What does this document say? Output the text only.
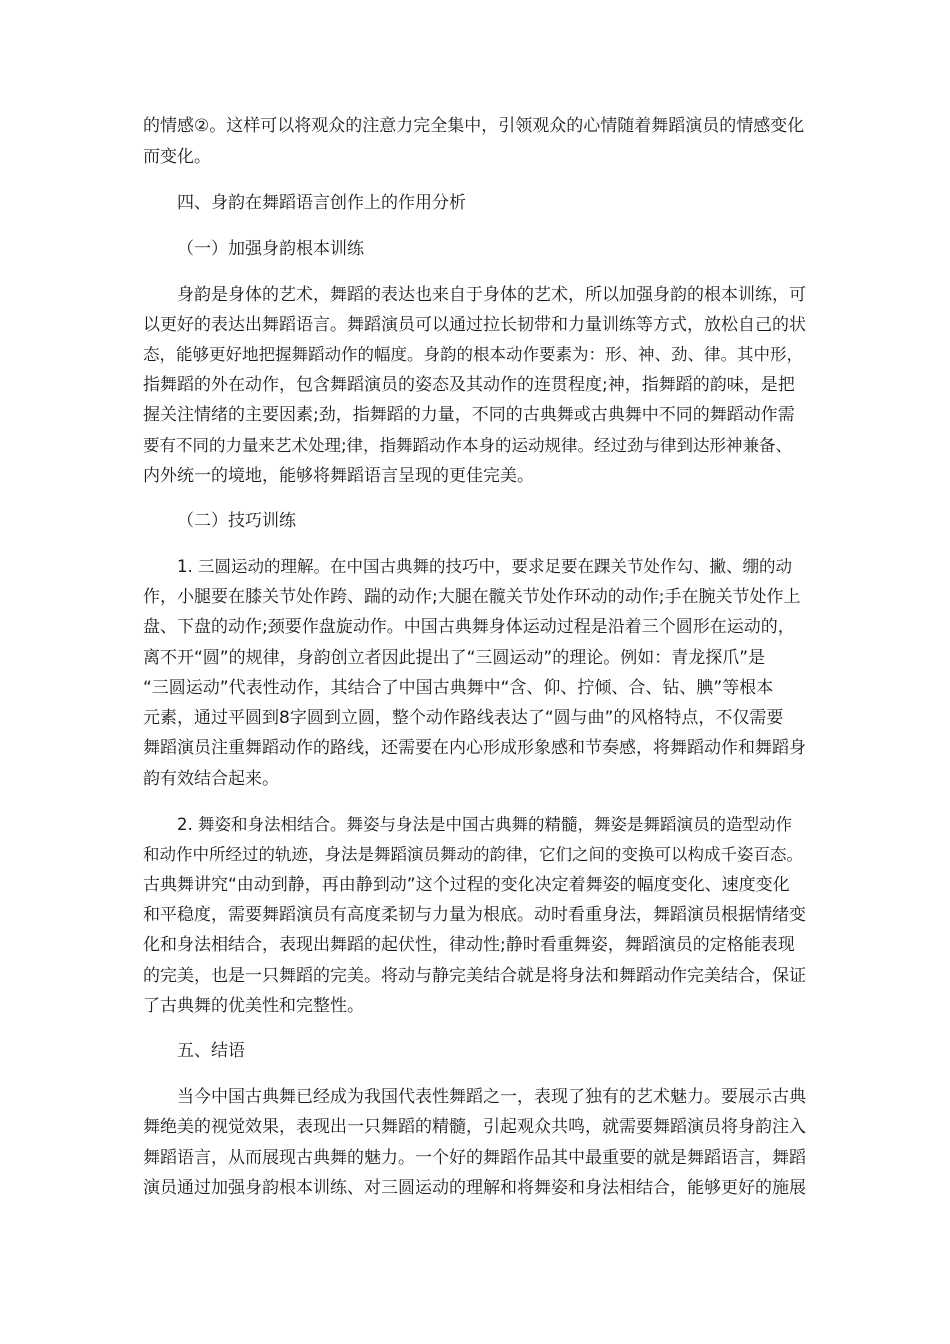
的情感②。这样可以将观众的注意力完全集中，引领观众的心情随着舞蹈演员的情感变化
而变化。
四、身韵在舞蹈语言创作上的作用分析
（一）加强身韵根本训练
身韵是身体的艺术，舞蹈的表达也来自于身体的艺术，所以加强身韵的根本训练，可
以更好的表达出舞蹈语言。舞蹈演员可以通过拉长韧带和力量训练等方式，放松自己的状
态，能够更好地把握舞蹈动作的幅度。身韵的根本动作要素为：形、神、劲、律。其中形，
指舞蹈的外在动作，包含舞蹈演员的姿态及其动作的连贯程度;神，指舞蹈的韵味，是把
握关注情绪的主要因素;劲，指舞蹈的力量，不同的古典舞或古典舞中不同的舞蹈动作需
要有不同的力量来艺术处理;律，指舞蹈动作本身的运动规律。经过劲与律到达形神兼备、
内外统一的境地，能够将舞蹈语言呈现的更佳完美。
（二）技巧训练
1. 三圆运动的理解。在中国古典舞的技巧中，要求足要在踝关节处作勾、撇、绷的动
作，小腿要在膝关节处作跨、踹的动作;大腿在髋关节处作环动的动作;手在腕关节处作上
盘、下盘的动作;颈要作盘旋动作。中国古典舞身体运动过程是沿着三个圆形在运动的，
离不开“圆”的规律，身韵创立者因此提出了“三圆运动”的理论。例如：青龙探爪”是
“三圆运动”代表性动作，其结合了中国古典舞中“含、仰、拧倾、合、钻、腆”等根本
元素，通过平圆到8字圆到立圆，整个动作路线表达了“圆与曲”的风格特点，不仅需要
舞蹈演员注重舞蹈动作的路线，还需要在内心形成形象感和节奏感，将舞蹈动作和舞蹈身
韵有效结合起来。
2. 舞姿和身法相结合。舞姿与身法是中国古典舞的精髓，舞姿是舞蹈演员的造型动作
和动作中所经过的轨迹，身法是舞蹈演员舞动的韵律，它们之间的变换可以构成千姿百态。
古典舞讲究“由动到静，再由静到动”这个过程的变化决定着舞姿的幅度变化、速度变化
和平稳度，需要舞蹈演员有高度柔韧与力量为根底。动时看重身法，舞蹈演员根据情绪变
化和身法相结合，表现出舞蹈的起伏性，律动性;静时看重舞姿，舞蹈演员的定格能表现
的完美，也是一只舞蹈的完美。将动与静完美结合就是将身法和舞蹈动作完美结合，保证
了古典舞的优美性和完整性。
五、结语
当今中国古典舞已经成为我国代表性舞蹈之一，表现了独有的艺术魅力。要展示古典
舞绝美的视觉效果，表现出一只舞蹈的精髓，引起观众共鸣，就需要舞蹈演员将身韵注入
舞蹈语言，从而展现古典舞的魅力。一个好的舞蹈作品其中最重要的就是舞蹈语言，舞蹈
演员通过加强身韵根本训练、对三圆运动的理解和将舞姿和身法相结合，能够更好的施展
